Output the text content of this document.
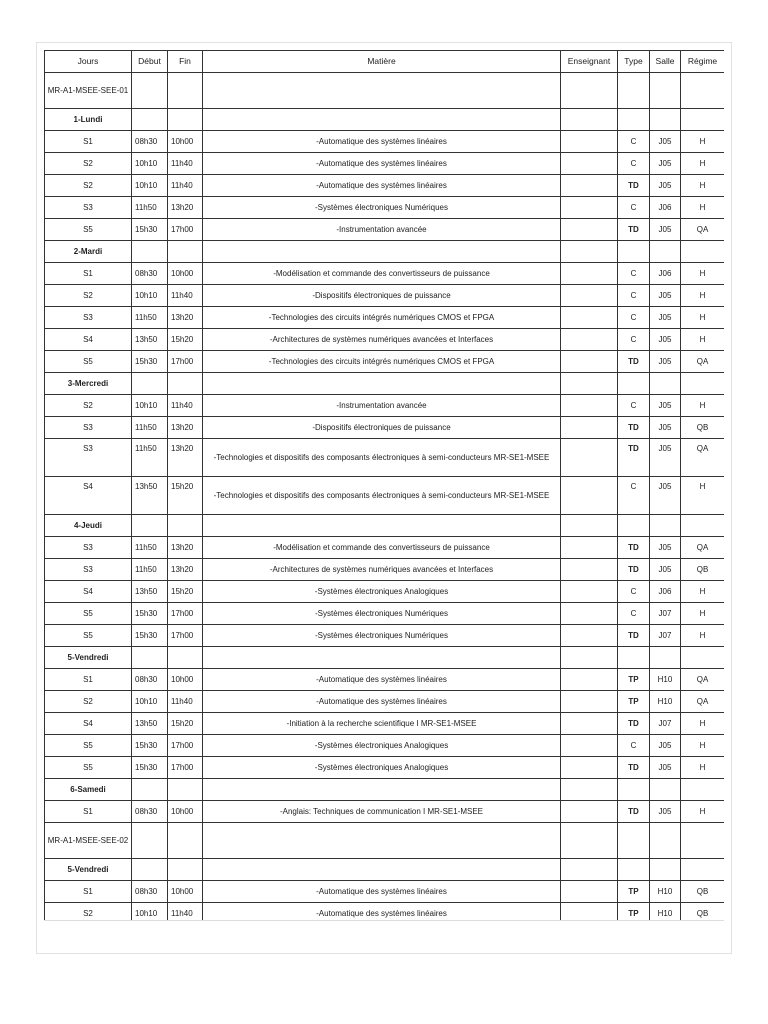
Jours	Début	Fin	Matière	Enseignant	Type	Salle	Régime
MR-A1-MSEE-SEE-01							
1-Lundi							
S1	08h30	10h00	-Automatique des systèmes linéaires		C	J05	H
S2	10h10	11h40	-Automatique des systèmes linéaires		C	J05	H
S2	10h10	11h40	-Automatique des systèmes linéaires		TD	J05	H
S3	11h50	13h20	-Systèmes électroniques Numériques		C	J06	H
S5	15h30	17h00	-Instrumentation avancée		TD	J05	QA
2-Mardi							
S1	08h30	10h00	-Modélisation et commande des convertisseurs de puissance		C	J06	H
S2	10h10	11h40	-Dispositifs électroniques de puissance		C	J05	H
S3	11h50	13h20	-Technologies des circuits intégrés numériques CMOS et FPGA		C	J05	H
S4	13h50	15h20	-Architectures de systèmes numériques avancées et Interfaces		C	J05	H
S5	15h30	17h00	-Technologies des circuits intégrés numériques CMOS et FPGA		TD	J05	QA
3-Mercredi							
S2	10h10	11h40	-Instrumentation avancée		C	J05	H
S3	11h50	13h20	-Dispositifs électroniques de puissance		TD	J05	QB
S3	11h50	13h20	-Technologies et dispositifs des composants électroniques à semi-conducteurs MR-SE1-MSEE		TD	J05	QA
S4	13h50	15h20	-Technologies et dispositifs des composants électroniques à semi-conducteurs MR-SE1-MSEE		C	J05	H
4-Jeudi							
S3	11h50	13h20	-Modélisation et commande des convertisseurs de puissance		TD	J05	QA
S3	11h50	13h20	-Architectures de systèmes numériques avancées et Interfaces		TD	J05	QB
S4	13h50	15h20	-Systèmes électroniques Analogiques		C	J06	H
S5	15h30	17h00	-Systèmes électroniques Numériques		C	J07	H
S5	15h30	17h00	-Systèmes électroniques Numériques		TD	J07	H
5-Vendredi							
S1	08h30	10h00	-Automatique des systèmes linéaires		TP	H10	QA
S2	10h10	11h40	-Automatique des systèmes linéaires		TP	H10	QA
S4	13h50	15h20	-Initiation à la recherche scientifique I MR-SE1-MSEE		TD	J07	H
S5	15h30	17h00	-Systèmes électroniques Analogiques		C	J05	H
S5	15h30	17h00	-Systèmes électroniques Analogiques		TD	J05	H
6-Samedi							
S1	08h30	10h00	-Anglais: Techniques de communication I MR-SE1-MSEE		TD	J05	H
MR-A1-MSEE-SEE-02							
5-Vendredi							
S1	08h30	10h00	-Automatique des systèmes linéaires		TP	H10	QB
S2	10h10	11h40	-Automatique des systèmes linéaires		TP	H10	QB
